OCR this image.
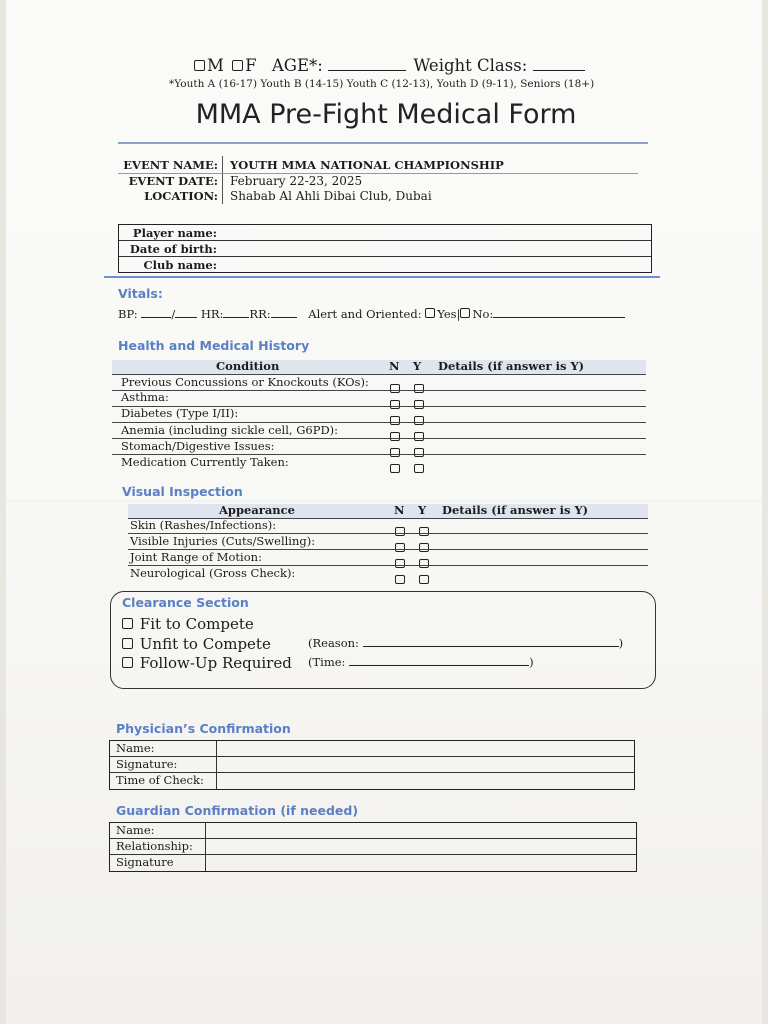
M F AGE*:	Weight Class:
*Youth A (16-17) Youth B (14-15) Youth C (12-13), Youth D (9-11), Seniors (18+)
MMA Pre-Fight Medical Form
EVENT NAME: YOUTH MMA NATIONAL CHAMPIONSHIP
EVENT DATE: February 22-23, 2025
LOCATION: Shabab Al Ahli Dibai Club, Dubai
Player name:
Date of birth:
Club name:
Vitals:
BP:	/ HR: RR:	Alert and Oriented: Yes| No:
Health and Medical History
Condition	N Y Details (if answer is Y)
Previous Concussions or Knockouts (KOs):
Asthma:
Diabetes (Type I/II):
Anemia (including sickle cell, G6PD):
Stomach/Digestive Issues:
Medication Currently Taken:
Visual Inspection
Appearance	N Y Details (if answer is Y)
Skin (Rashes/Infections):
Visible Injuries (Cuts/Swelling):
Joint Range of Motion:
Neurological (Gross Check):
Clearance Section
Fit to Compete
Unfit to Compete
Follow-Up Required
(Reason:	)
(Time:	)
Physician’s Confirmation
Name:
Signature:
Time of Check:
Guardian Confirmation (if needed)
Name:
Relationship:
Signature
